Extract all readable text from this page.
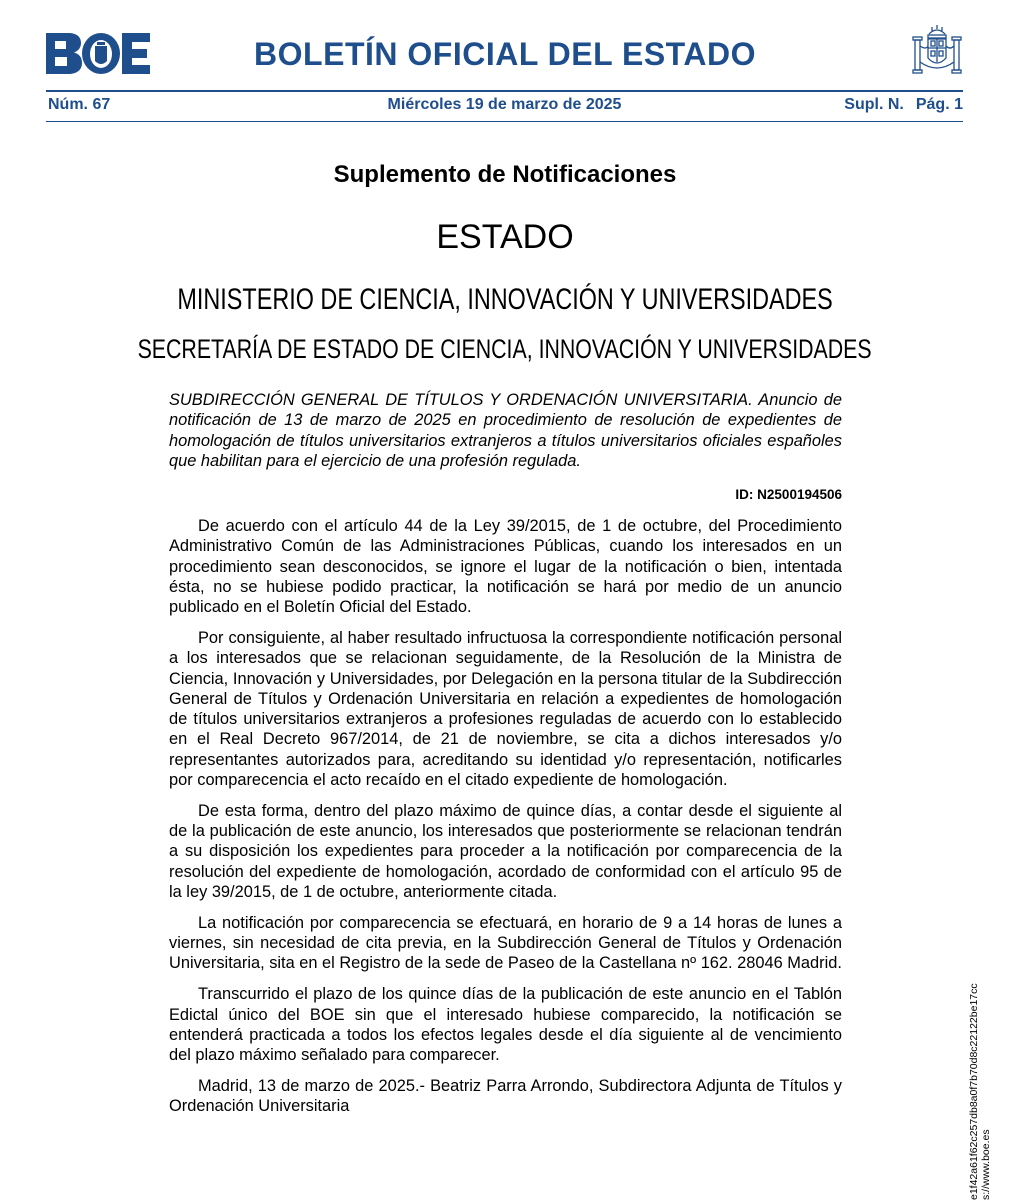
BOLETÍN OFICIAL DEL ESTADO
Núm. 67	Miércoles 19 de marzo de 2025	Supl. N. Pág. 1
Suplemento de Notificaciones
ESTADO
MINISTERIO DE CIENCIA, INNOVACIÓN Y UNIVERSIDADES
SECRETARÍA DE ESTADO DE CIENCIA, INNOVACIÓN Y UNIVERSIDADES
SUBDIRECCIÓN GENERAL DE TÍTULOS Y ORDENACIÓN UNIVERSITARIA. Anuncio de notificación de 13 de marzo de 2025 en procedimiento de resolución de expedientes de homologación de títulos universitarios extranjeros a títulos universitarios oficiales españoles que habilitan para el ejercicio de una profesión regulada.
ID: N2500194506

De acuerdo con el artículo 44 de la Ley 39/2015, de 1 de octubre, del Procedimiento Administrativo Común de las Administraciones Públicas, cuando los interesados en un procedimiento sean desconocidos, se ignore el lugar de la notificación o bien, intentada ésta, no se hubiese podido practicar, la notificación se hará por medio de un anuncio publicado en el Boletín Oficial del Estado.

Por consiguiente, al haber resultado infructuosa la correspondiente notificación personal a los interesados que se relacionan seguidamente, de la Resolución de la Ministra de Ciencia, Innovación y Universidades, por Delegación en la persona titular de la Subdirección General de Títulos y Ordenación Universitaria en relación a expedientes de homologación de títulos universitarios extranjeros a profesiones reguladas de acuerdo con lo establecido en el Real Decreto 967/2014, de 21 de noviembre, se cita a dichos interesados y/o representantes autorizados para, acreditando su identidad y/o representación, notificarles por comparecencia el acto recaído en el citado expediente de homologación.

De esta forma, dentro del plazo máximo de quince días, a contar desde el siguiente al de la publicación de este anuncio, los interesados que posteriormente se relacionan tendrán a su disposición los expedientes para proceder a la notificación por comparecencia de la resolución del expediente de homologación, acordado de conformidad con el artículo 95 de la ley 39/2015, de 1 de octubre, anteriormente citada.

La notificación por comparecencia se efectuará, en horario de 9 a 14 horas de lunes a viernes, sin necesidad de cita previa, en la Subdirección General de Títulos y Ordenación Universitaria, sita en el Registro de la sede de Paseo de la Castellana nº 162. 28046 Madrid.

Transcurrido el plazo de los quince días de la publicación de este anuncio en el Tablón Edictal único del BOE sin que el interesado hubiese comparecido, la notificación se entenderá practicada a todos los efectos legales desde el día siguiente al de vencimiento del plazo máximo señalado para comparecer.

Madrid, 13 de marzo de 2025.- Beatriz Parra Arrondo, Subdirectora Adjunta de Títulos y Ordenación Universitaria	e1f42a61f62c257db8a0f7b70d8c22122be17cc s://www.boe.es
